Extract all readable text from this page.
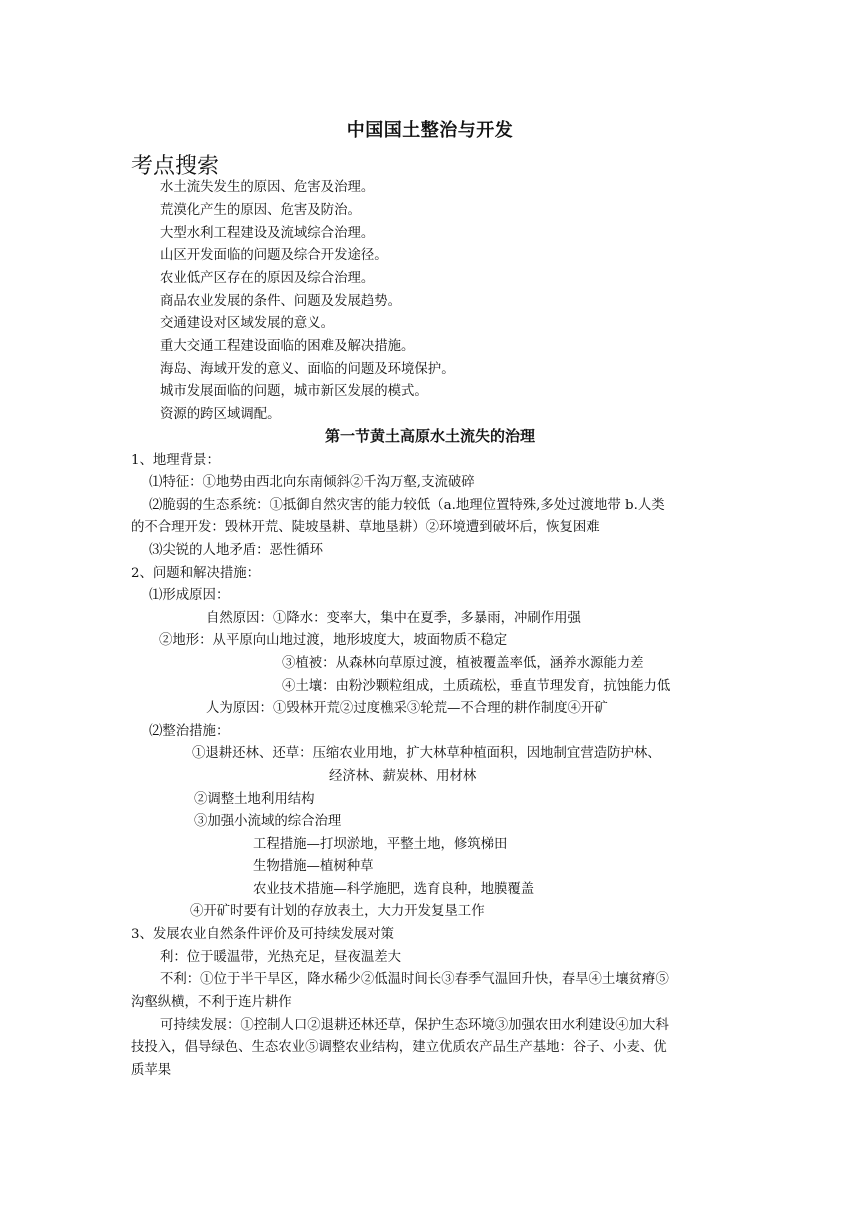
中国国土整治与开发
考点搜索
水土流失发生的原因、危害及治理。
荒漠化产生的原因、危害及防治。
大型水利工程建设及流域综合治理。
山区开发面临的问题及综合开发途径。
农业低产区存在的原因及综合治理。
商品农业发展的条件、问题及发展趋势。
交通建设对区域发展的意义。
重大交通工程建设面临的困难及解决措施。
海岛、海域开发的意义、面临的问题及环境保护。
城市发展面临的问题，城市新区发展的模式。
资源的跨区域调配。
第一节黄土高原水土流失的治理
1、地理背景：
⑴特征：①地势由西北向东南倾斜②千沟万壑,支流破碎
⑵脆弱的生态系统：①抵御自然灾害的能力较低（a.地理位置特殊,多处过渡地带 b.人类
的不合理开发：毁林开荒、陡坡垦耕、草地垦耕）②环境遭到破坏后，恢复困难
⑶尖锐的人地矛盾：恶性循环
2、问题和解决措施：
⑴形成原因：
自然原因：①降水：变率大，集中在夏季，多暴雨，冲刷作用强
②地形：从平原向山地过渡，地形坡度大，坡面物质不稳定
③植被：从森林向草原过渡，植被覆盖率低，涵养水源能力差
④土壤：由粉沙颗粒组成，土质疏松，垂直节理发育，抗蚀能力低
人为原因：①毁林开荒②过度樵采③轮荒—不合理的耕作制度④开矿
⑵整治措施：
①退耕还林、还草：压缩农业用地，扩大林草种植面积，因地制宜营造防护林、
经济林、薪炭林、用材林
②调整土地利用结构
③加强小流域的综合治理
工程措施—打坝淤地，平整土地，修筑梯田
生物措施—植树种草
农业技术措施—科学施肥，选育良种，地膜覆盖
④开矿时要有计划的存放表土，大力开发复垦工作
3、发展农业自然条件评价及可持续发展对策
利：位于暖温带，光热充足，昼夜温差大
不利：①位于半干旱区，降水稀少②低温时间长③春季气温回升快，春旱④土壤贫瘠⑤
沟壑纵横，不利于连片耕作
可持续发展：①控制人口②退耕还林还草，保护生态环境③加强农田水利建设④加大科
技投入，倡导绿色、生态农业⑤调整农业结构，建立优质农产品生产基地：谷子、小麦、优
质苹果
